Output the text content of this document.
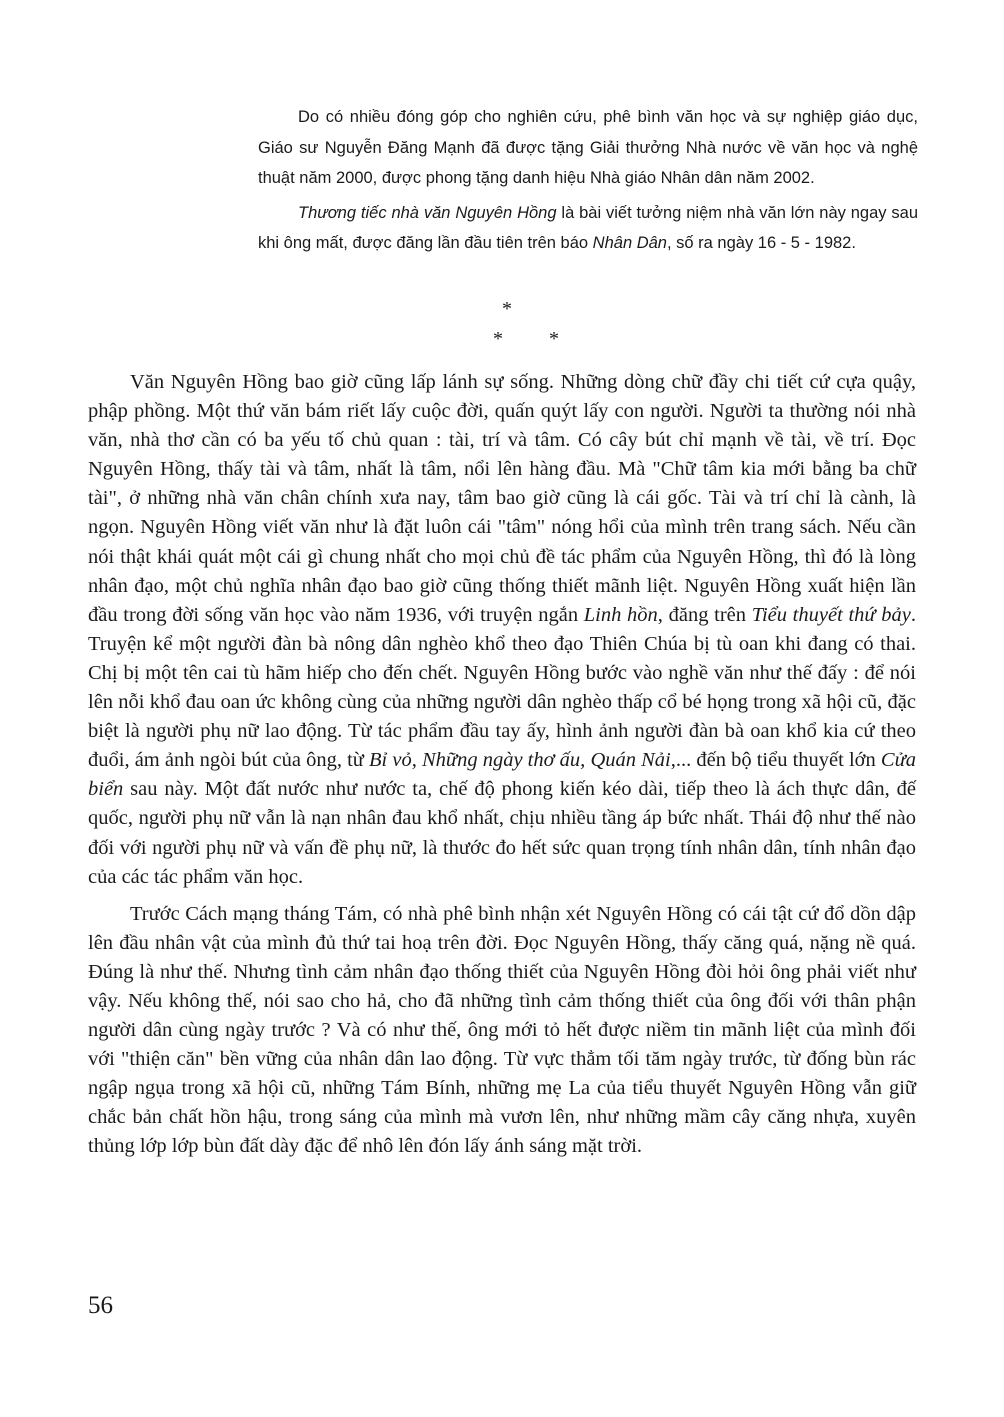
Do có nhiều đóng góp cho nghiên cứu, phê bình văn học và sự nghiệp giáo dục, Giáo sư Nguyễn Đăng Mạnh đã được tặng Giải thưởng Nhà nước về văn học và nghệ thuật năm 2000, được phong tặng danh hiệu Nhà giáo Nhân dân năm 2002.

Thương tiếc nhà văn Nguyên Hồng là bài viết tưởng niệm nhà văn lớn này ngay sau khi ông mất, được đăng lần đầu tiên trên báo Nhân Dân, số ra ngày 16 - 5 - 1982.

*
* *

Văn Nguyên Hồng bao giờ cũng lấp lánh sự sống. Những dòng chữ đầy chi tiết cứ cựa quậy, phập phồng. Một thứ văn bám riết lấy cuộc đời, quấn quýt lấy con người. Người ta thường nói nhà văn, nhà thơ cần có ba yếu tố chủ quan : tài, trí và tâm. Có cây bút chỉ mạnh về tài, về trí. Đọc Nguyên Hồng, thấy tài và tâm, nhất là tâm, nổi lên hàng đầu. Mà "Chữ tâm kia mới bằng ba chữ tài", ở những nhà văn chân chính xưa nay, tâm bao giờ cũng là cái gốc. Tài và trí chỉ là cành, là ngọn. Nguyên Hồng viết văn như là đặt luôn cái "tâm" nóng hổi của mình trên trang sách. Nếu cần nói thật khái quát một cái gì chung nhất cho mọi chủ đề tác phẩm của Nguyên Hồng, thì đó là lòng nhân đạo, một chủ nghĩa nhân đạo bao giờ cũng thống thiết mãnh liệt. Nguyên Hồng xuất hiện lần đầu trong đời sống văn học vào năm 1936, với truyện ngắn Linh hồn, đăng trên Tiểu thuyết thứ bảy. Truyện kể một người đàn bà nông dân nghèo khổ theo đạo Thiên Chúa bị tù oan khi đang có thai. Chị bị một tên cai tù hãm hiếp cho đến chết. Nguyên Hồng bước vào nghề văn như thế đấy : để nói lên nỗi khổ đau oan ức không cùng của những người dân nghèo thấp cổ bé họng trong xã hội cũ, đặc biệt là người phụ nữ lao động. Từ tác phẩm đầu tay ấy, hình ảnh người đàn bà oan khổ kia cứ theo đuổi, ám ảnh ngòi bút của ông, từ Bỉ vỏ, Những ngày thơ ấu, Quán Nải,... đến bộ tiểu thuyết lớn Cửa biển sau này. Một đất nước như nước ta, chế độ phong kiến kéo dài, tiếp theo là ách thực dân, đế quốc, người phụ nữ vẫn là nạn nhân đau khổ nhất, chịu nhiều tầng áp bức nhất. Thái độ như thế nào đối với người phụ nữ và vấn đề phụ nữ, là thước đo hết sức quan trọng tính nhân dân, tính nhân đạo của các tác phẩm văn học.

Trước Cách mạng tháng Tám, có nhà phê bình nhận xét Nguyên Hồng có cái tật cứ đổ dồn dập lên đầu nhân vật của mình đủ thứ tai hoạ trên đời. Đọc Nguyên Hồng, thấy căng quá, nặng nề quá. Đúng là như thế. Nhưng tình cảm nhân đạo thống thiết của Nguyên Hồng đòi hỏi ông phải viết như vậy. Nếu không thế, nói sao cho hả, cho đã những tình cảm thống thiết của ông đối với thân phận người dân cùng ngày trước ? Và có như thế, ông mới tỏ hết được niềm tin mãnh liệt của mình đối với "thiện căn" bền vững của nhân dân lao động. Từ vực thẳm tối tăm ngày trước, từ đống bùn rác ngập ngụa trong xã hội cũ, những Tám Bính, những mẹ La của tiểu thuyết Nguyên Hồng vẫn giữ chắc bản chất hồn hậu, trong sáng của mình mà vươn lên, như những mầm cây căng nhựa, xuyên thủng lớp lớp bùn đất dày đặc để nhô lên đón lấy ánh sáng mặt trời.

56
